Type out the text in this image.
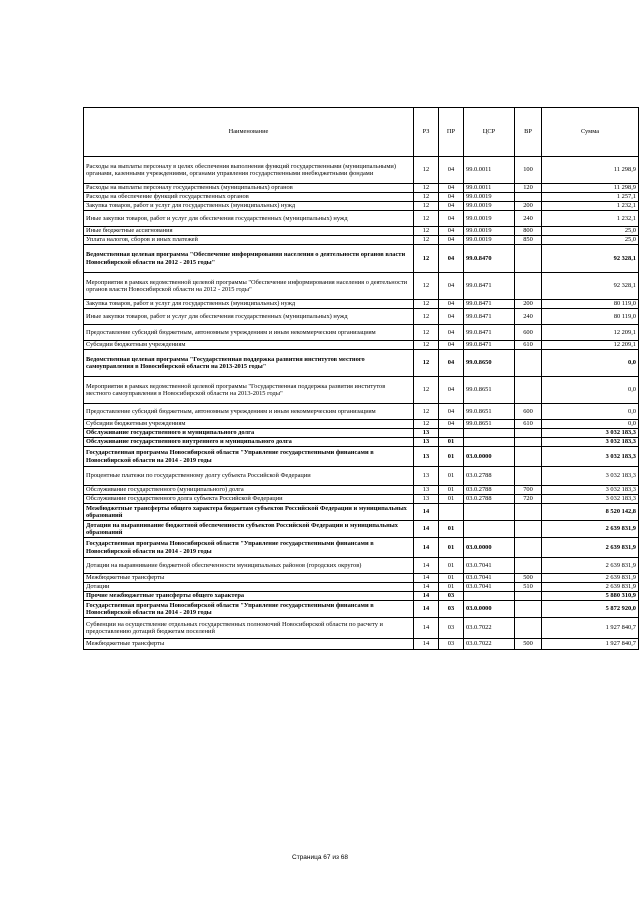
Наименование	РЗ	ПР	ЦСР	ВР	Сумма
Расходы на выплаты персоналу в целях обеспечения выполнения функций государственными (муниципальными) органами, казенными учреждениями, органами управления государственными внебюджетными фондами	12	04	99.0.0011	100	11 298,9
Расходы на выплаты персоналу государственных (муниципальных) органов	12	04	99.0.0011	120	11 298,9
Расходы на обеспечение функций государственных органов	12	04	99.0.0019		1 257,1
Закупка товаров, работ и услуг для государственных (муниципальных) нужд	12	04	99.0.0019	200	1 232,1
Иные закупки товаров, работ и услуг для обеспечения государственных (муниципальных) нужд	12	04	99.0.0019	240	1 232,1
Иные бюджетные ассигнования	12	04	99.0.0019	800	25,0
Уплата налогов, сборов и иных платежей	12	04	99.0.0019	850	25,0
Ведомственная целевая программа "Обеспечение информирования населения о деятельности органов власти Новосибирской области на 2012 - 2015 годы"	12	04	99.0.8470		92 328,1
Мероприятия в рамках ведомственной целевой программы "Обеспечение информирования населения о деятельности органов власти Новосибирской области на 2012 - 2015 годы"	12	04	99.0.8471		92 328,1
Закупка товаров, работ и услуг для государственных (муниципальных) нужд	12	04	99.0.8471	200	80 119,0
Иные закупки товаров, работ и услуг для обеспечения государственных (муниципальных) нужд	12	04	99.0.8471	240	80 119,0
Предоставление субсидий бюджетным, автономным учреждениям и иным некоммерческим организациям	12	04	99.0.8471	600	12 209,1
Субсидии бюджетным учреждениям	12	04	99.0.8471	610	12 209,1
Ведомственная целевая программа "Государственная поддержка развития институтов местного самоуправления в Новосибирской области на 2013-2015 годы"	12	04	99.0.8650		0,0
Мероприятия в рамках ведомственной целевой программы "Государственная поддержка развития институтов местного самоуправления в Новосибирской области на 2013-2015 годы"	12	04	99.0.8651		0,0
Предоставление субсидий бюджетным, автономным учреждениям и иным некоммерческим организациям	12	04	99.0.8651	600	0,0
Субсидии бюджетным учреждениям	12	04	99.0.8651	610	0,0
Обслуживание государственного и муниципального долга	13				3 032 183,3
Обслуживание государственного внутреннего и муниципального долга	13	01			3 032 183,3
Государственная программа Новосибирской области "Управление государственными финансами в Новосибирской области на 2014 - 2019 годы	13	01	03.0.0000		3 032 183,3
Процентные платежи по государственному долгу субъекта Российской Федерации	13	01	03.0.2788		3 032 183,3
Обслуживание государственного (муниципального) долга	13	01	03.0.2788	700	3 032 183,3
Обслуживание государственного долга субъекта Российской Федерации	13	01	03.0.2788	720	3 032 183,3
Межбюджетные трансферты общего характера бюджетам субъектов Российской Федерации и муниципальных образований	14				8 520 142,8
Дотации на выравнивание бюджетной обеспеченности субъектов Российской Федерации и муниципальных образований	14	01			2 639 831,9
Государственная программа Новосибирской области "Управление государственными финансами в Новосибирской области на 2014 - 2019 годы	14	01	03.0.0000		2 639 831,9
Дотации на выравнивание бюджетной обеспеченности муниципальных районов (городских округов)	14	01	03.0.7041		2 639 831,9
Межбюджетные трансферты	14	01	03.0.7041	500	2 639 831,9
Дотации	14	01	03.0.7041	510	2 639 831,9
Прочие межбюджетные трансферты общего характера	14	03			5 880 310,9
Государственная программа Новосибирской области "Управление государственными финансами в Новосибирской области на 2014 - 2019 годы	14	03	03.0.0000		5 872 920,0
Субвенции на осуществление отдельных государственных полномочий Новосибирской области по расчету и предоставлению дотаций бюджетам поселений	14	03	03.0.7022		1 927 840,7
Межбюджетные трансферты	14	03	03.0.7022	500	1 927 840,7
Страница 67 из 68
